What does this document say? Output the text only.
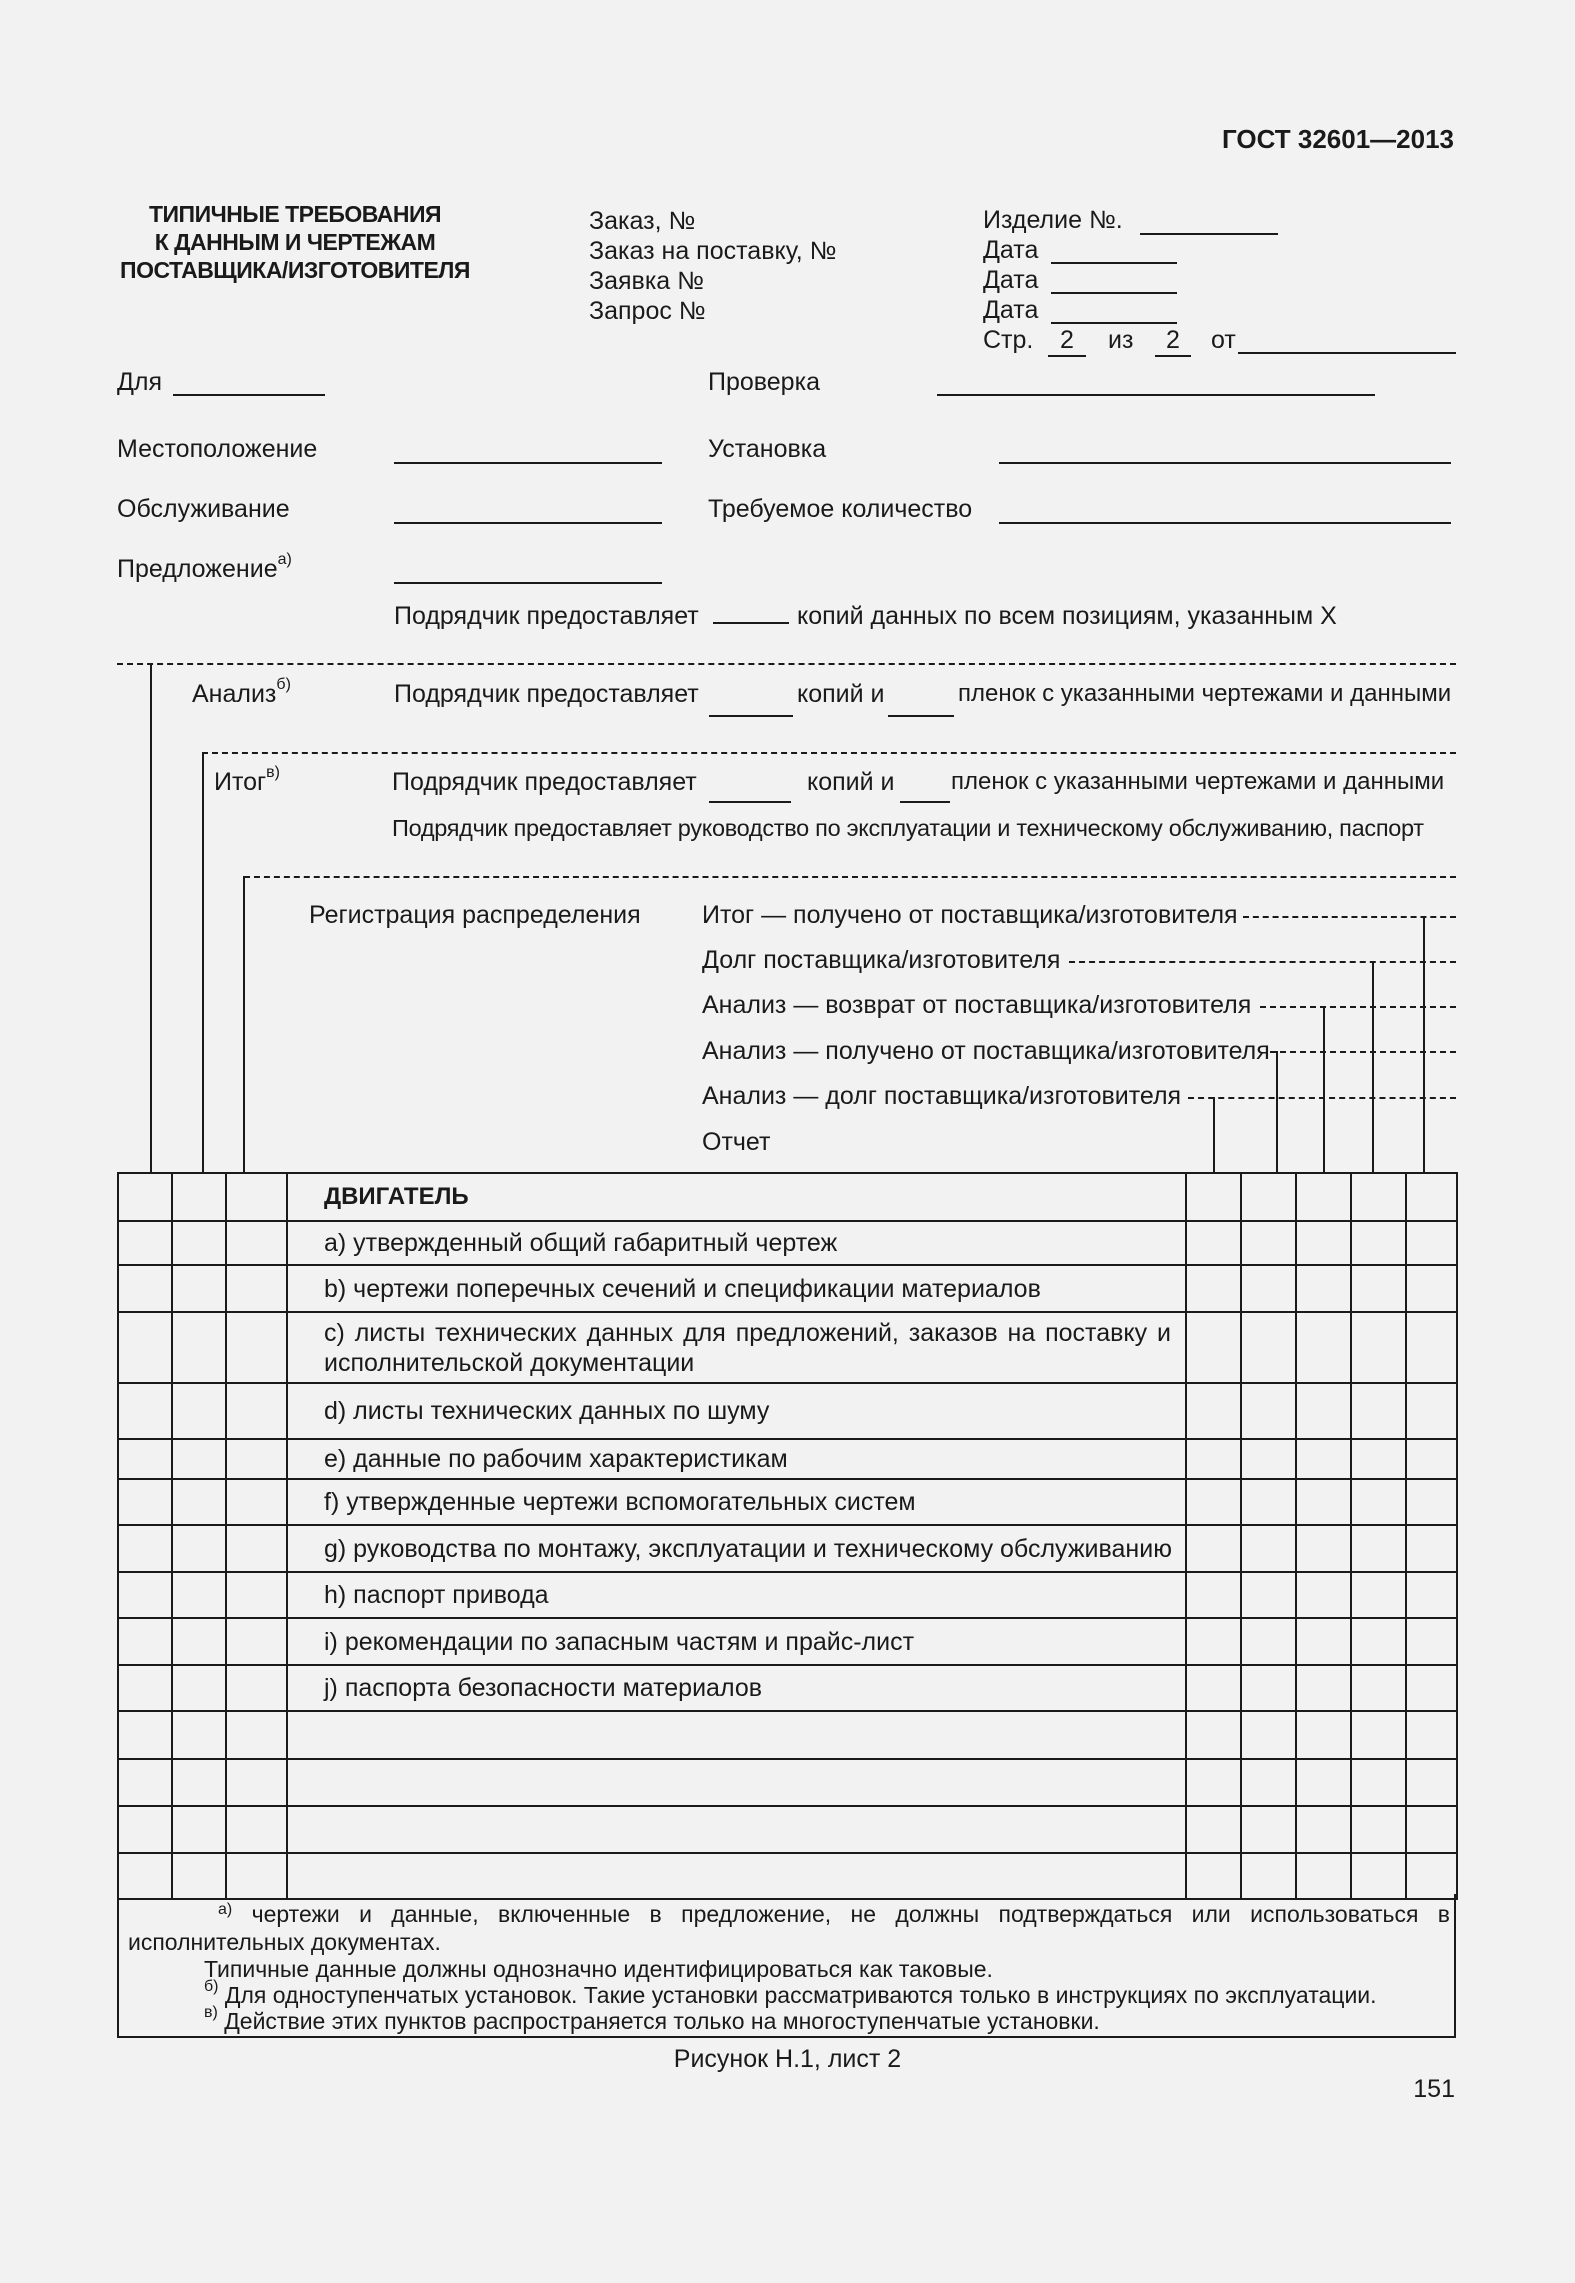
ГОСТ 32601—2013
ТИПИЧНЫЕ ТРЕБОВАНИЯ
К ДАННЫМ И ЧЕРТЕЖАМ
ПОСТАВЩИКА/ИЗГОТОВИТЕЛЯ
Заказ, №
Заказ на поставку, №
Заявка №
Запрос №
Изделие №.
Дата
Дата
Дата
Стр.	2	из	2	от
Для	Проверка
Местоположение	Установка
Обслуживание	Требуемое количество
Предложение$^{а)}$
Подрядчик предоставляет	копий данных по всем позициям, указанным Х
Анализ$^{б)}$	Подрядчик предоставляет	копий и	пленок с указанными чертежами и данными
Итог$^{в)}$	Подрядчик предоставляет	копий и пленок с указанными чертежами и данными
Подрядчик предоставляет руководство по эксплуатации и техническому обслуживанию, паспорт
Регистрация распределения Итог — получено от поставщика/изготовителя
Долг поставщика/изготовителя
Анализ — возврат от поставщика/изготовителя
Анализ — получено от поставщика/изготовителя
Анализ — долг поставщика/изготовителя
Отчет
			ДВИГАТЕЛЬ					
			a) утвержденный общий габаритный чертеж					
			b) чертежи поперечных сечений и спецификации материалов					
			c) листы технических данных для предложений, заказов на поставку и исполнительской документации					
			d) листы технических данных по шуму					
			e) данные по рабочим характеристикам					
			f) утвержденные чертежи вспомогательных систем					
			g) руководства по монтажу, эксплуатации и техническому обслуживанию					
			h) паспорт привода					
			i) рекомендации по запасным частям и прайс-лист					
			j) паспорта безопасности материалов					

$^{а)}$ чертежи и данные, включенные в предложение, не должны подтверждаться или использоваться в исполнительных документах.
Типичные данные должны однозначно идентифицироваться как таковые.
$^{б)}$ Для одноступенчатых установок. Такие установки рассматриваются только в инструкциях по эксплуатации.
$^{в)}$ Действие этих пунктов распространяется только на многоступенчатые установки.
Рисунок Н.1, лист 2
151
